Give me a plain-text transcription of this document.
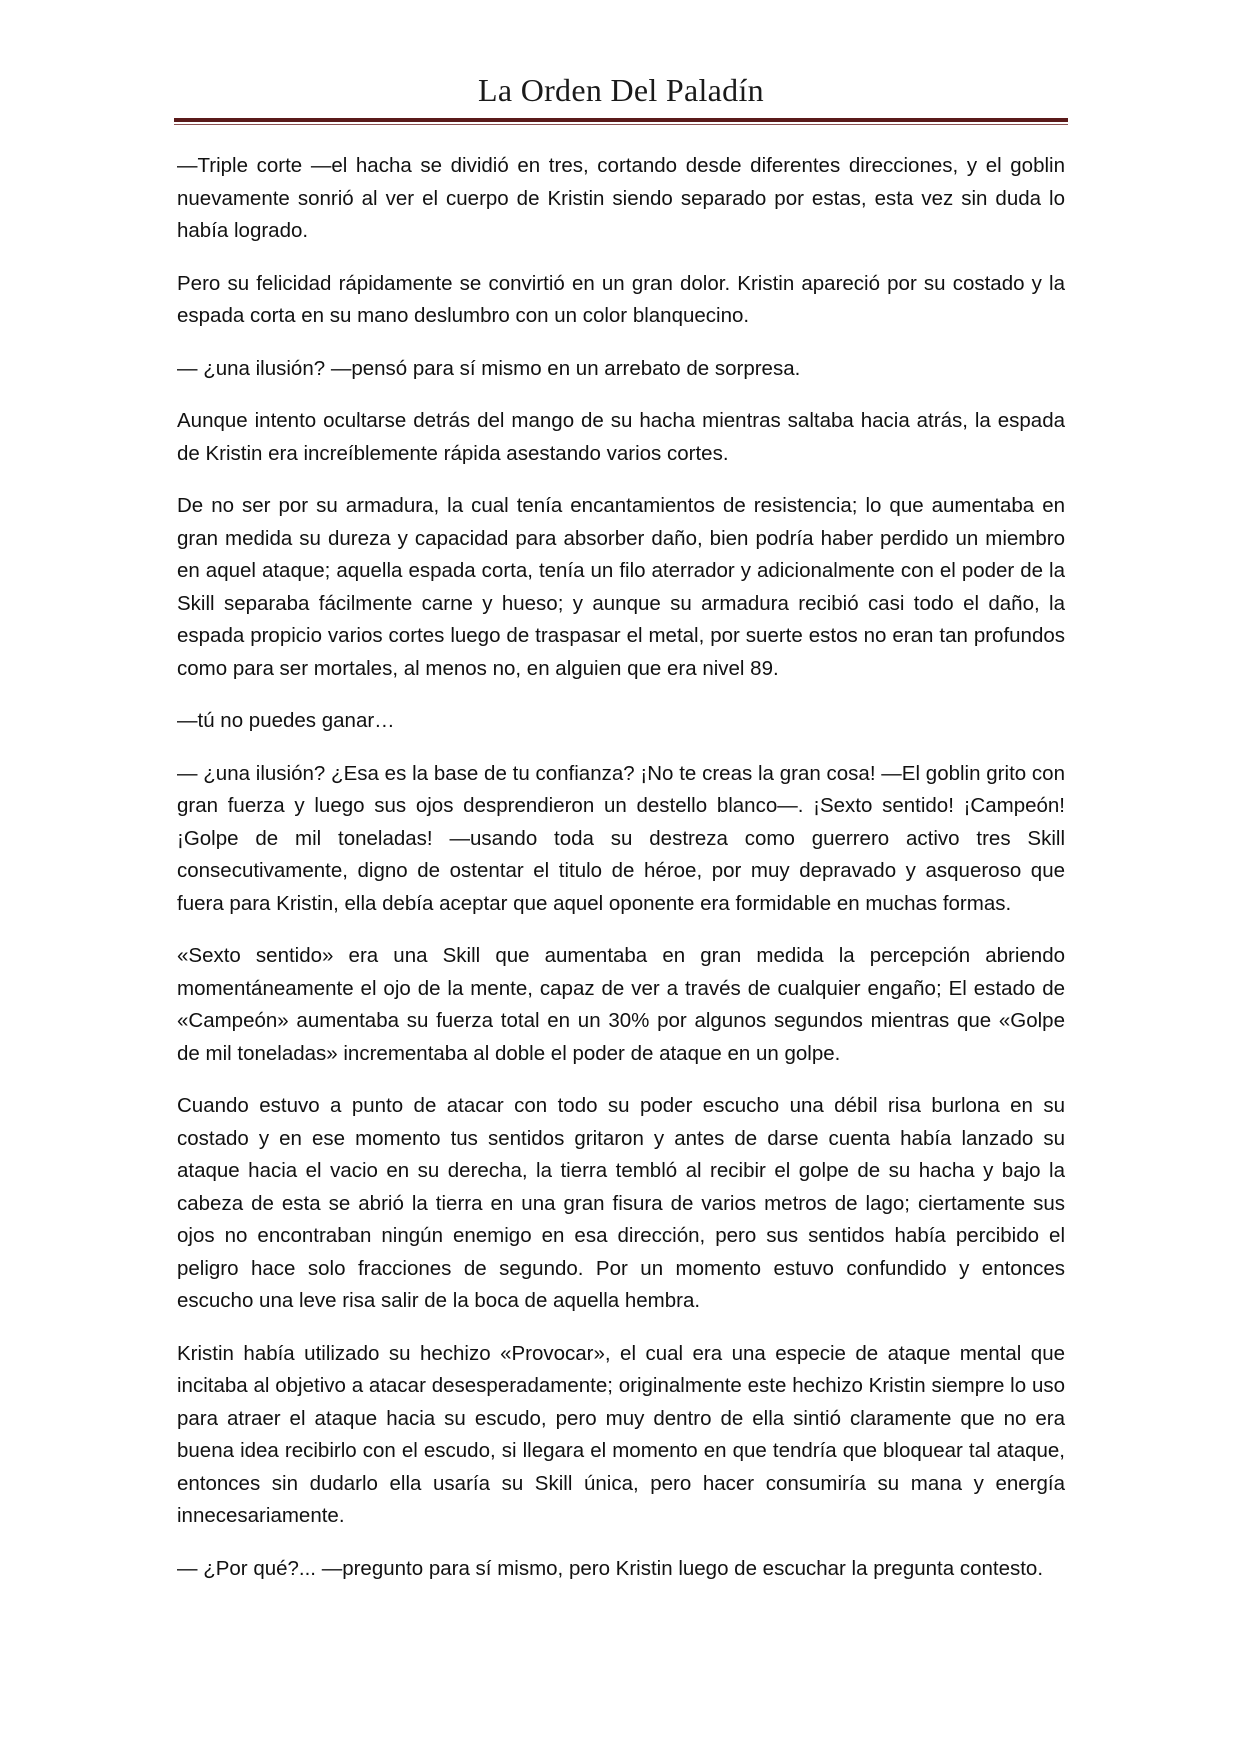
La Orden Del Paladín

—Triple corte —el hacha se dividió en tres, cortando desde diferentes direcciones, y el goblin nuevamente sonrió al ver el cuerpo de Kristin siendo separado por estas, esta vez sin duda lo había logrado.

Pero su felicidad rápidamente se convirtió en un gran dolor. Kristin apareció por su costado y la espada corta en su mano deslumbro con un color blanquecino.

— ¿una ilusión? —pensó para sí mismo en un arrebato de sorpresa.

Aunque intento ocultarse detrás del mango de su hacha mientras saltaba hacia atrás, la espada de Kristin era increíblemente rápida asestando varios cortes.

De no ser por su armadura, la cual tenía encantamientos de resistencia; lo que aumentaba en gran medida su dureza y capacidad para absorber daño, bien podría haber perdido un miembro en aquel ataque; aquella espada corta, tenía un filo aterrador y adicionalmente con el poder de la Skill separaba fácilmente carne y hueso; y aunque su armadura recibió casi todo el daño, la espada propicio varios cortes luego de traspasar el metal, por suerte estos no eran tan profundos como para ser mortales, al menos no, en alguien que era nivel 89.

—tú no puedes ganar…

— ¿una ilusión? ¿Esa es la base de tu confianza? ¡No te creas la gran cosa! —El goblin grito con gran fuerza y luego sus ojos desprendieron un destello blanco—. ¡Sexto sentido! ¡Campeón! ¡Golpe de mil toneladas! —usando toda su destreza como guerrero activo tres Skill consecutivamente, digno de ostentar el titulo de héroe, por muy depravado y asqueroso que fuera para Kristin, ella debía aceptar que aquel oponente era formidable en muchas formas.

«Sexto sentido» era una Skill que aumentaba en gran medida la percepción abriendo momentáneamente el ojo de la mente, capaz de ver a través de cualquier engaño; El estado de «Campeón» aumentaba su fuerza total en un 30% por algunos segundos mientras que «Golpe de mil toneladas» incrementaba al doble el poder de ataque en un golpe.

Cuando estuvo a punto de atacar con todo su poder escucho una débil risa burlona en su costado y en ese momento tus sentidos gritaron y antes de darse cuenta había lanzado su ataque hacia el vacio en su derecha, la tierra tembló al recibir el golpe de su hacha y bajo la cabeza de esta se abrió la tierra en una gran fisura de varios metros de lago; ciertamente sus ojos no encontraban ningún enemigo en esa dirección, pero sus sentidos había percibido el peligro hace solo fracciones de segundo. Por un momento estuvo confundido y entonces escucho una leve risa salir de la boca de aquella hembra.

Kristin había utilizado su hechizo «Provocar», el cual era una especie de ataque mental que incitaba al objetivo a atacar desesperadamente; originalmente este hechizo Kristin siempre lo uso para atraer el ataque hacia su escudo, pero muy dentro de ella sintió claramente que no era buena idea recibirlo con el escudo, si llegara el momento en que tendría que bloquear tal ataque, entonces sin dudarlo ella usaría su Skill única, pero hacer consumiría su mana y energía innecesariamente.

— ¿Por qué?... —pregunto para sí mismo, pero Kristin luego de escuchar la pregunta contesto.
